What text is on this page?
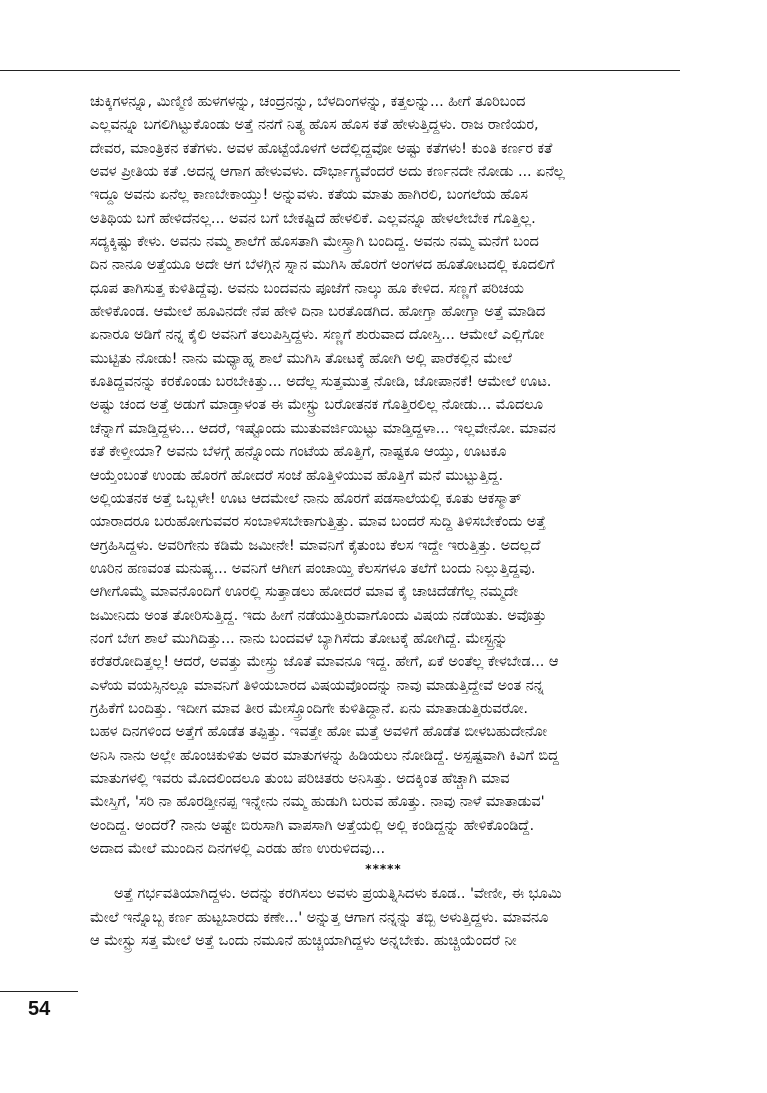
ಚುಕ್ಕಿಗಳನ್ನೂ, ಮಿಣ್ಮಿಣಿ ಹುಳಗಳನ್ನು, ಚಂದ್ರನನ್ನು, ಬೆಳದಿಂಗಳನ್ನು, ಕತ್ತಲನ್ನು... ಹೀಗೆ ತೂರಿಬಂದ

ಎಲ್ಲವನ್ನೂ ಬಗಲಿಗಿಟ್ಟುಕೊಂಡು ಅತ್ತೆ ನನಗೆ ನಿತ್ಯ ಹೊಸ ಹೊಸ ಕತೆ ಹೇಳುತ್ತಿದ್ದಳು. ರಾಜ ರಾಣಿಯರ,

ದೇವರ, ಮಾಂತ್ರಿಕನ ಕತೆಗಳು. ಅವಳ ಹೊಟ್ಟೆಯೊಳಗೆ ಅದೆಲ್ಲಿದ್ದವೋ ಅಷ್ಟು ಕತೆಗಳು! ಕುಂತಿ ಕರ್ಣರ ಕತೆ

ಅವಳ ಪ್ರೀತಿಯ ಕತೆ .ಅದನ್ನ ಆಗಾಗ ಹೇಳುವಳು. ದೌರ್ಭಾಗ್ಯವೆಂದರೆ ಅದು ಕರ್ಣನದೇ ನೋಡು ... ಏನೆಲ್ಲ

ಇದ್ದೂ ಅವನು ಏನೆಲ್ಲ ಕಾಣಬೇಕಾಯ್ತು! ಅನ್ನುವಳು. ಕತೆಯ ಮಾತು ಹಾಗಿರಲಿ, ಬಂಗಲೆಯ ಹೊಸ

ಅತಿಥಿಯ ಬಗೆ ಹೇಳಿದೆನಲ್ಲ... ಅವನ ಬಗೆ ಬೇಕಷ್ಟಿದೆ ಹೇಳಲಿಕೆ. ಎಲ್ಲವನ್ನೂ ಹೇಳಲೇಬೇಕ ಗೊತ್ತಿಲ್ಲ.

ಸದ್ಯಕ್ಕಿಷ್ಟು ಕೇಳು. ಅವನು ನಮ್ಮ ಶಾಲೆಗೆ ಹೊಸತಾಗಿ ಮೇಸ್ತ್ರಾಗಿ ಬಂದಿದ್ದ. ಅವನು ನಮ್ಮ ಮನೆಗೆ ಬಂದ

ದಿನ ನಾನೂ ಅತ್ತೆಯೂ ಅದೇ ಆಗ ಬೆಳಗ್ಗಿನ ಸ್ನಾನ ಮುಗಿಸಿ ಹೊರಗೆ ಅಂಗಳದ ಹೂತೋಟದಲ್ಲಿ ಕೂದಲಿಗೆ

ಧೂಪ ತಾಗಿಸುತ್ತ ಕುಳಿತಿದ್ದೆವು. ಅವನು ಬಂದವನು ಪೂಜೆಗೆ ನಾಲ್ಕು ಹೂ ಕೇಳಿದ. ಸಣ್ಣಗೆ ಪರಿಚಯ

ಹೇಳಿಕೊಂಡ. ಆಮೇಲೆ ಹೂವಿನದೇ ನೆಪ ಹೇಳಿ ದಿನಾ ಬರತೊಡಗಿದ. ಹೋಗ್ತಾ ಹೋಗ್ತಾ ಅತ್ತೆ ಮಾಡಿದ

ಏನಾರೂ ಅಡಿಗೆ ನನ್ನ ಕೈಲಿ ಅವನಿಗೆ ತಲುಪಿಸ್ತಿದ್ದಳು. ಸಣ್ಣಗೆ ಶುರುವಾದ ದೋಸ್ತಿ... ಆಮೇಲೆ ಎಲ್ಲಿಗೋ

ಮುಟ್ಟಿತು ನೋಡು! ನಾನು ಮಧ್ಯಾಹ್ನ ಶಾಲೆ ಮುಗಿಸಿ ತೋಟಕ್ಕೆ ಹೋಗಿ ಅಲ್ಲಿ ಪಾರೆಕಲ್ಲಿನ ಮೇಲೆ

ಕೂತಿದ್ದವನನ್ನು ಕರಕೊಂಡು ಬರಬೇಕಿತ್ತು... ಅದೆಲ್ಲ ಸುತ್ತಮುತ್ತ ನೋಡಿ, ಜೋಪಾನಕೆ! ಆಮೇಲೆ ಊಟ.

ಅಷ್ಟು ಚಂದ ಅತ್ತೆ ಅಡುಗೆ ಮಾಡ್ತಾಳಂತ ಈ ಮೇಸ್ಟ್ರು ಬರೋತನಕ ಗೊತ್ತಿರಲಿಲ್ಲ ನೋಡು... ಮೊದಲೂ

ಚೆನ್ನಾಗೆ ಮಾಡ್ತಿದ್ದಳು... ಆದರೆ, ಇಷ್ಟೊಂದು ಮುತುವರ್ಜಿಯಿಟ್ಟು ಮಾಡ್ತಿದ್ದಳಾ... ಇಲ್ಲವೇನೋ. ಮಾವನ

ಕತೆ ಕೇಳ್ತೀಯಾ? ಅವನು ಬೆಳಗ್ಗೆ ಹನ್ನೊಂದು ಗಂಟೆಯ ಹೊತ್ತಿಗೆ, ನಾಷ್ಟಕೂ ಆಯ್ತು, ಊಟಕೂ

ಆಯ್ತೆಂಬಂತೆ ಉಂಡು ಹೊರಗೆ ಹೋದರೆ ಸಂಜೆ ಹೊತ್ತಿಳಿಯುವ ಹೊತ್ತಿಗೆ ಮನೆ ಮುಟ್ಟುತ್ತಿದ್ದ.

ಅಲ್ಲಿಯತನಕ ಅತ್ತೆ ಒಬ್ಬಳೇ! ಊಟ ಆದಮೇಲೆ ನಾನು ಹೊರಗೆ ಪಡಸಾಲೆಯಲ್ಲಿ ಕೂತು ಆಕಸ್ಮಾತ್

ಯಾರಾದರೂ ಬರುಹೋಗುವವರ ಸಂಬಾಳಿಸಬೇಕಾಗುತ್ತಿತ್ತು. ಮಾವ ಬಂದರೆ ಸುದ್ದಿ ತಿಳಿಸಬೇಕೆಂದು ಅತ್ತೆ

ಆಗ್ರಹಿಸಿದ್ದಳು. ಅವರಿಗೇನು ಕಡಿಮೆ ಜಮೀನೇ! ಮಾವನಿಗೆ ಕೈತುಂಬ ಕೆಲಸ ಇದ್ದೇ ಇರುತ್ತಿತ್ತು. ಅದಲ್ಲದೆ

ಊರಿನ ಹಣವಂತ ಮನುಷ್ಯ... ಅವನಿಗೆ ಆಗೀಗ ಪಂಚಾಯ್ತಿ ಕೆಲಸಗಳೂ ತಲೆಗೆ ಬಂದು ನಿಲ್ಲುತ್ತಿದ್ದವು.

ಆಗೀಗೊಮ್ಮೆ ಮಾವನೊಂದಿಗೆ ಊರಲ್ಲಿ ಸುತ್ತಾಡಲು ಹೋದರೆ ಮಾವ ಕೈ ಚಾಚಿದೆಡೆಗೆಲ್ಲ ನಮ್ಮದೇ

ಜಮೀನಿದು ಅಂತ ತೋರಿಸುತ್ತಿದ್ದ. ಇದು ಹೀಗೆ ನಡೆಯುತ್ತಿರುವಾಗೊಂದು ವಿಷಯ ನಡೆಯಿತು. ಅವೊತ್ತು

ನಂಗೆ ಬೇಗ ಶಾಲೆ ಮುಗಿದಿತ್ತು... ನಾನು ಬಂದವಳೆ ಬ್ಯಾಗಿಸೆದು ತೋಟಕ್ಕೆ ಹೋಗಿದ್ದೆ. ಮೇಸ್ಟ್ರನ್ನು

ಕರೆತರೋದಿತ್ತಲ್ಲ! ಆದರೆ, ಅವತ್ತು ಮೇಸ್ತ್ರು ಜೊತೆ ಮಾವನೂ ಇದ್ದ. ಹೇಗೆ, ಏಕೆ ಅಂತೆಲ್ಲ ಕೇಳಬೇಡ... ಆ

ಎಳೆಯ ವಯಸ್ಸಿನಲ್ಲೂ ಮಾವನಿಗೆ ತಿಳಿಯಬಾರದ ವಿಷಯವೊಂದನ್ನು ನಾವು ಮಾಡುತ್ತಿದ್ದೇವೆ ಅಂತ ನನ್ನ

ಗ್ರಹಿಕೆಗೆ ಬಂದಿತ್ತು. ಇದೀಗ ಮಾವ ತೀರ ಮೇಸ್ತ್ರೊಂದಿಗೇ ಕುಳಿತಿದ್ದಾನೆ. ಏನು ಮಾತಾಡುತ್ತಿರುವರೋ.

ಬಹಳ ದಿನಗಳಿಂದ ಅತ್ತೆಗೆ ಹೊಡೆತ ತಪ್ಪಿತ್ತು. ಇವತ್ತೇ ಹೋ ಮತ್ತೆ ಅವಳಿಗೆ ಹೊಡೆತ ಬೀಳಬಹುದೇನೋ

ಅನಿಸಿ ನಾನು ಅಲ್ಲೇ ಹೊಂಚಿಕುಳಿತು ಅವರ ಮಾತುಗಳನ್ನು ಹಿಡಿಯಲು ನೋಡಿದ್ದೆ. ಅಸ್ಪಷ್ಟವಾಗಿ ಕಿವಿಗೆ ಬಿದ್ದ

ಮಾತುಗಳಲ್ಲಿ ಇವರು ಮೊದಲಿಂದಲೂ ತುಂಬ ಪರಿಚಿತರು ಅನಿಸಿತ್ತು. ಅದಕ್ಕಿಂತ ಹೆಚ್ಚಾಗಿ ಮಾವ

ಮೇಸ್ತಿಗೆ, 'ಸರಿ ನಾ ಹೊರಡ್ತೀನಪ್ಪ ಇನ್ನೇನು ನಮ್ಮ ಹುಡುಗಿ ಬರುವ ಹೊತ್ತು. ನಾವು ನಾಳೆ ಮಾತಾಡುವ'

ಅಂದಿದ್ದ. ಅಂದರೆ? ನಾನು ಅಷ್ಟೇ ಬಿರುಸಾಗಿ ವಾಪಸಾಗಿ ಅತ್ತೆಯಲ್ಲಿ ಅಲ್ಲಿ ಕಂಡಿದ್ದನ್ನು ಹೇಳಿಕೊಂಡಿದ್ದೆ.

ಅದಾದ ಮೇಲೆ ಮುಂದಿನ ದಿನಗಳಲ್ಲಿ ಎರಡು ಹೆಣ ಉರುಳಿದವು...

*****

ಅತ್ತೆ ಗರ್ಭವತಿಯಾಗಿದ್ದಳು. ಅದನ್ನು ಕರಗಿಸಲು ಅವಳು ಪ್ರಯತ್ನಿಸಿದಳು ಕೂಡ.. 'ವೇಣೀ, ಈ ಭೂಮಿ

ಮೇಲೆ ಇನ್ನೊಬ್ಬ ಕರ್ಣ ಹುಟ್ಟಬಾರದು ಕಣೇ...' ಅನ್ನುತ್ತ ಆಗಾಗ ನನ್ನನ್ನು ತಬ್ಬಿ ಅಳುತ್ತಿದ್ದಳು. ಮಾವನೂ

ಆ ಮೇಸ್ಟ್ರು ಸತ್ತ ಮೇಲೆ ಅತ್ತೆ ಒಂದು ನಮೂನೆ ಹುಚ್ಚಿಯಾಗಿದ್ದಳು ಅನ್ನಬೇಕು. ಹುಚ್ಚಿಯೆಂದರೆ ನೀ

54
